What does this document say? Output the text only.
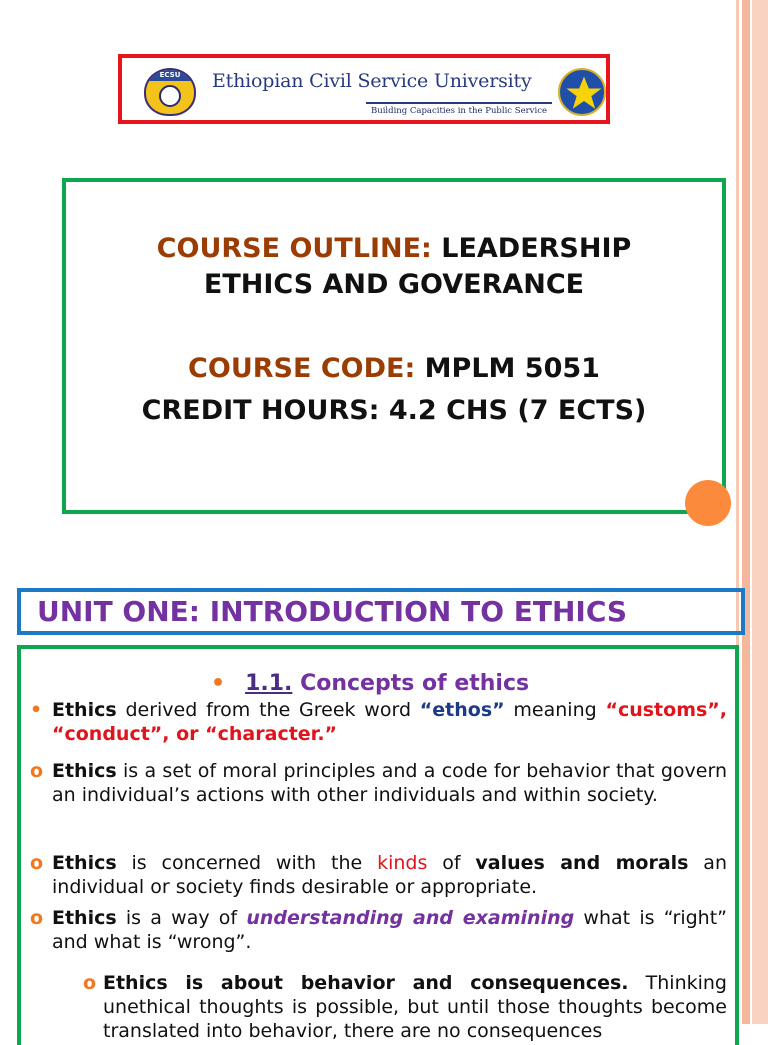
ECSU	Ethiopian Civil Service University
Building Capacities in the Public Service
COURSE OUTLINE: LEADERSHIP
ETHICS AND GOVERANCE
COURSE CODE: MPLM 5051
CREDIT HOURS: 4.2 CHS (7 ECTS)
UNIT ONE: INTRODUCTION TO ETHICS
• 1.1. Concepts of ethics
• Ethics derived from the Greek word “ethos” meaning “customs”, “conduct”, or “character.”
o Ethics is a set of moral principles and a code for behavior that govern an individual’s actions with other individuals and within society.
o Ethics is concerned with the kinds of values and morals an individual or society finds desirable or appropriate.
o Ethics is a way of understanding and examining what is “right” and what is “wrong”.
o Ethics is about behavior and consequences. Thinking unethical thoughts is possible, but until those thoughts become translated into behavior, there are no consequences
